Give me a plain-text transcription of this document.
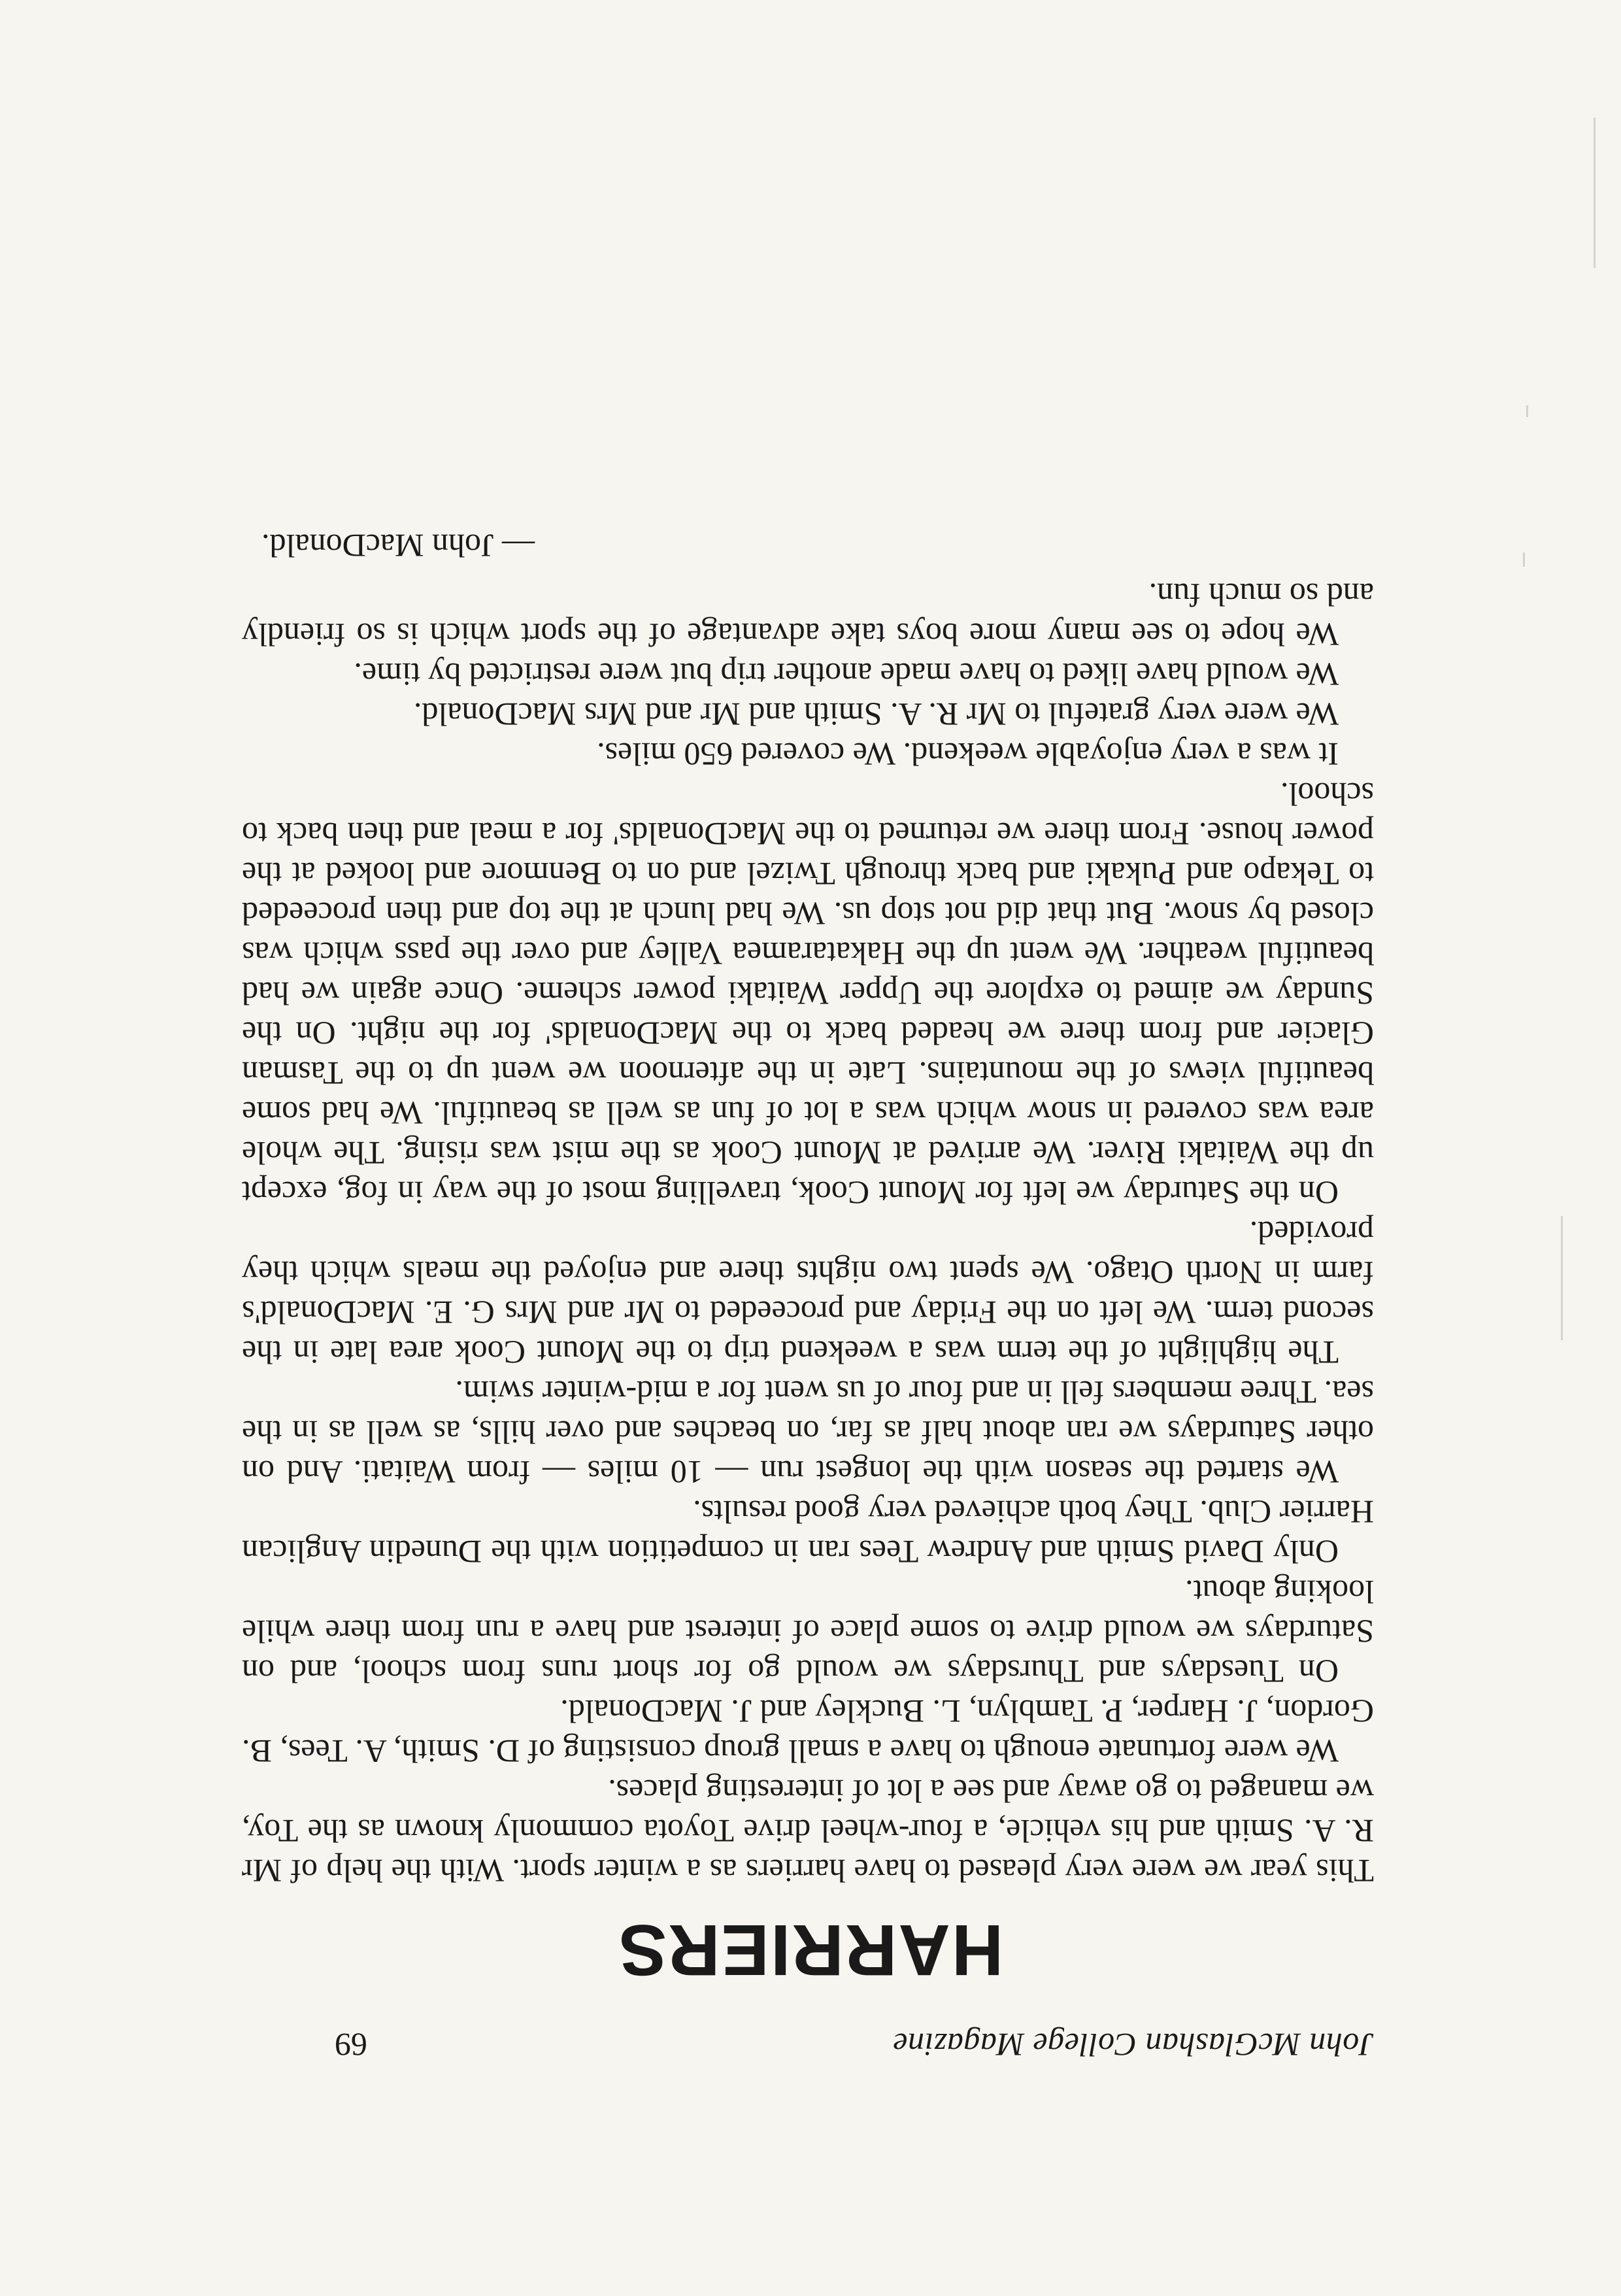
John McGlashan College Magazine
69
HARRIERS

This year we were very pleased to have harriers as a winter sport. With the help of Mr R. A. Smith and his vehicle, a four-wheel drive Toyota commonly known as the Toy, we managed to go away and see a lot of interesting places.

We were fortunate enough to have a small group consisting of D. Smith, A. Tees, B. Gordon, J. Harper, P. Tamblyn, L. Buckley and J. MacDonald.

On Tuesdays and Thursdays we would go for short runs from school, and on Saturdays we would drive to some place of interest and have a run from there while looking about.

Only David Smith and Andrew Tees ran in competition with the Dunedin Anglican Harrier Club. They both achieved very good results.

We started the season with the longest run — 10 miles — from Waitati. And on other Saturdays we ran about half as far, on beaches and over hills, as well as in the sea. Three members fell in and four of us went for a mid-winter swim.

The highlight of the term was a weekend trip to the Mount Cook area late in the second term. We left on the Friday and proceeded to Mr and Mrs G. E. MacDonald's farm in North Otago. We spent two nights there and enjoyed the meals which they provided.

On the Saturday we left for Mount Cook, travelling most of the way in fog, except up the Waitaki River. We arrived at Mount Cook as the mist was rising. The whole area was covered in snow which was a lot of fun as well as beautiful. We had some beautiful views of the mountains. Late in the afternoon we went up to the Tasman Glacier and from there we headed back to the MacDonalds' for the night. On the Sunday we aimed to explore the Upper Waitaki power scheme. Once again we had beautiful weather. We went up the Hakataramea Valley and over the pass which was closed by snow. But that did not stop us. We had lunch at the top and then proceeded to Tekapo and Pukaki and back through Twizel and on to Benmore and looked at the power house. From there we returned to the MacDonalds' for a meal and then back to school.

It was a very enjoyable weekend. We covered 650 miles.

We were very grateful to Mr R. A. Smith and Mr and Mrs MacDonald.

We would have liked to have made another trip but were restricted by time.

We hope to see many more boys take advantage of the sport which is so friendly and so much fun.

— John MacDonald.
